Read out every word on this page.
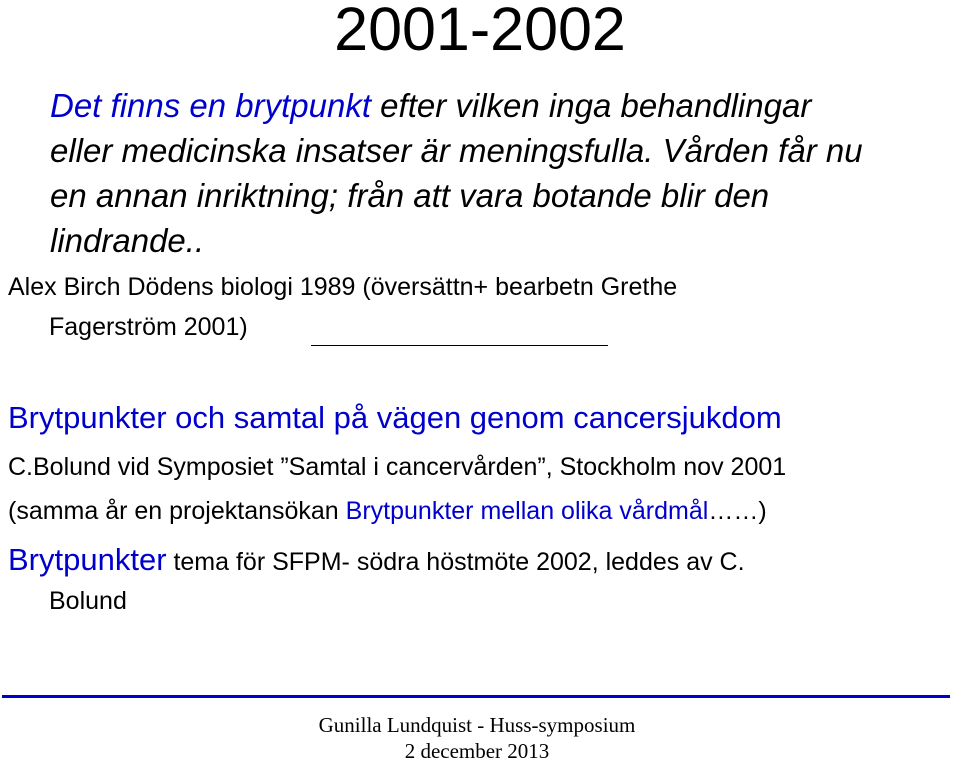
2001-2002

Det finns en brytpunkt efter vilken inga behandlingar

eller medicinska insatser är meningsfulla. Vården får nu

en annan inriktning; från att vara botande blir den

lindrande..

Alex Birch Dödens biologi 1989 (översättn+ bearbetn Grethe

Fagerström 2001)

Brytpunkter och samtal på vägen genom cancersjukdom

C.Bolund vid Symposiet ”Samtal i cancervården”, Stockholm nov 2001

(samma år en projektansökan Brytpunkter mellan olika vårdmål……)

Brytpunkter tema för SFPM- södra höstmöte 2002, leddes av C.

Bolund

Gunilla Lundquist - Huss-symposium
2 december 2013
